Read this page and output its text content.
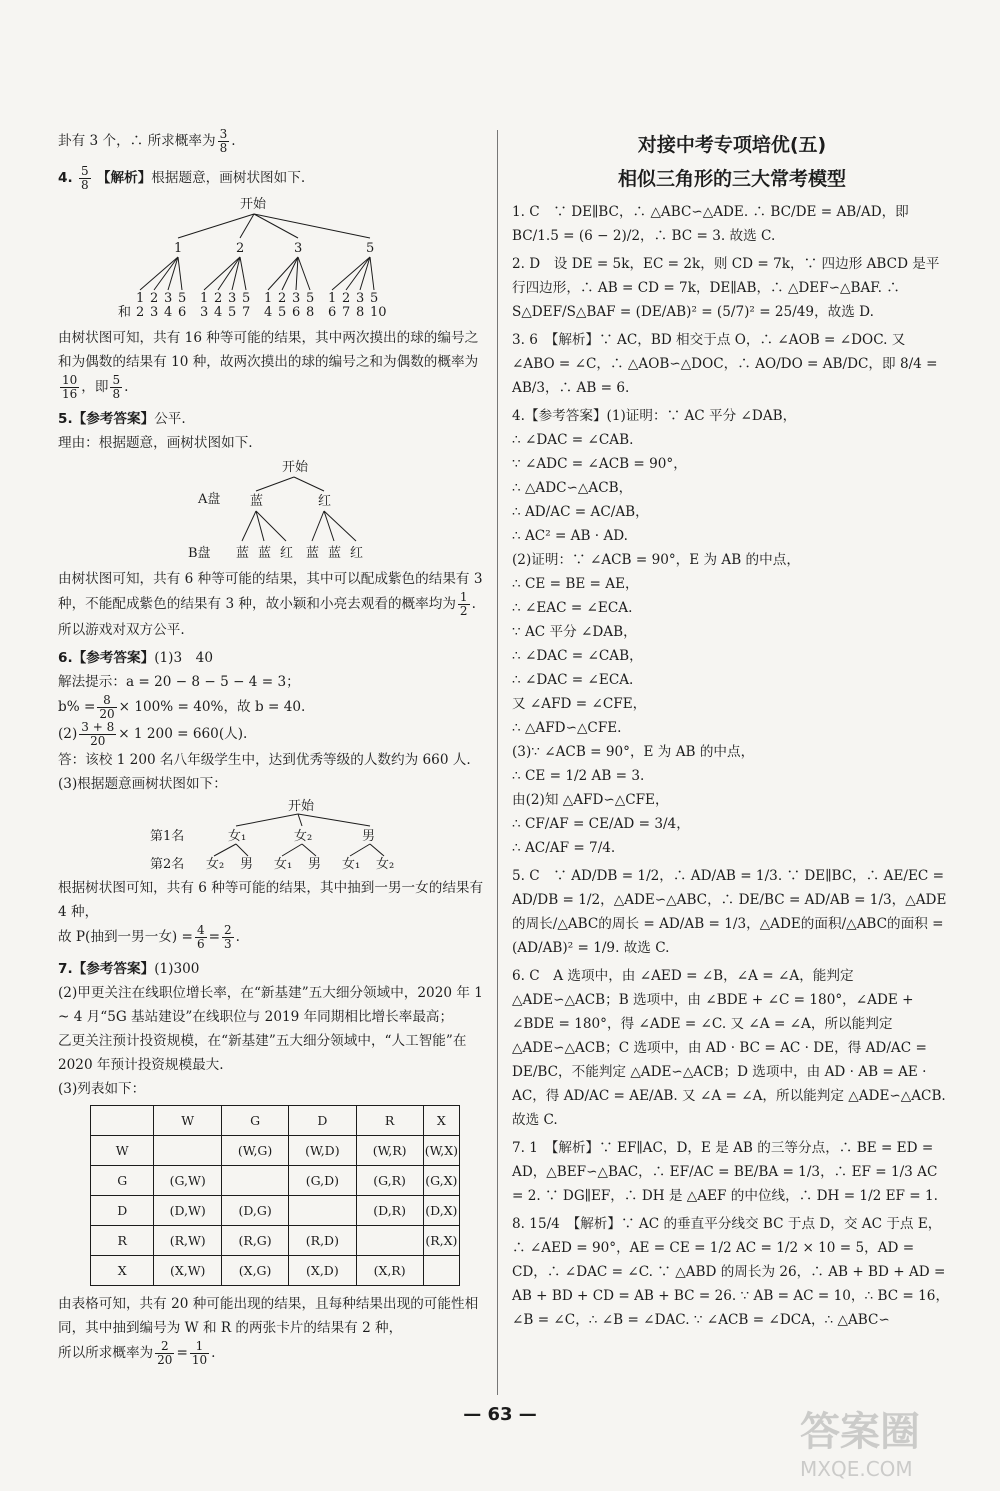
卦有 3 个，∴ 所求概率为 $\frac{3}{8}$ .

4. $\frac{5}{8}$ 【解析】根据题意，画树状图如下.

开始
1	2	3	5
和
1
2
2
3
3
4
5
6
1
3
2
4
3
5
5
7
1
4
2
5
3
6
5
8
1
6
2
7
3
8
5
10

由树状图可知，共有 16 种等可能的结果，其中两次摸出的球的编号之和为偶数的结果有 10 种，故两次摸出的球的编号之和为偶数的概率为
$\frac{10}{16}$ ，即 $\frac{5}{8}$ .

5.【参考答案】公平.

理由：根据题意，画树状图如下.

开始
A盘
B盘
蓝	红
蓝 蓝 红 蓝 蓝 红

由树状图可知，共有 6 种等可能的结果，其中可以配成紫色的结果有 3 种，不能配成紫色的结果有 3 种，故小颖和小亮去观看的概率均为 $\frac{1}{2}$ .

所以游戏对双方公平.

6.【参考答案】(1)3　40

解法提示：a = 20 − 8 − 5 − 4 = 3；

$b\% = \frac{8}{20} \times 100\% = 40\%$，故 b = 40.

$(2) \frac{3 + 8}{20} \times 1$ 200 = 660(人).

答：该校 1 200 名八年级学生中，达到优秀等级的人数约为 660 人.

(3)根据题意画树状图如下：

开始
第1名
第2名
女₁	女₂	男
女₂ 男 女₁ 男 女₁ 女₂

根据树状图可知，共有 6 种等可能的结果，其中抽到一男一女的结果有 4 种，

故 P(抽到一男一女) = $\frac{4}{6} = \frac{2}{3}$ .

7.【参考答案】(1)300

(2)甲更关注在线职位增长率，在“新基建”五大细分领域中，2020 年 1 ~ 4 月“5G 基站建设”在线职位与 2019 年同期相比增长率最高；

乙更关注预计投资规模，在“新基建”五大细分领域中，“人工智能”在 2020 年预计投资规模最大.

(3)列表如下：

	W	G	D	R	X
W		(W,G)	(W,D)	(W,R)	(W,X)
G	(G,W)		(G,D)	(G,R)	(G,X)
D	(D,W)	(D,G)		(D,R)	(D,X)
R	(R,W)	(R,G)	(R,D)		(R,X)
X	(X,W)	(X,G)	(X,D)	(X,R)	

由表格可知，共有 20 种可能出现的结果，且每种结果出现的可能性相同，其中抽到编号为 W 和 R 的两张卡片的结果有 2 种，

所以所求概率为 $\frac{2}{20} = \frac{1}{10}$ .

对接中考专项培优(五)
相似三角形的三大常考模型

1. C　∵ DE∥BC，∴ △ABC∽△ADE. ∴ BC/DE = AB/AD，即 BC/1.5 = (6 − 2)/2，∴ BC = 3. 故选 C.

2. D　设 DE = 5k，EC = 2k，则 CD = 7k，∵ 四边形 ABCD 是平行四边形，∴ AB = CD = 7k，DE∥AB，∴ △DEF∽△BAF. ∴ S△DEF/S△BAF = (DE/AB)² = (5/7)² = 25/49，故选 D.

3. 6　【解析】∵ AC，BD 相交于点 O，∴ ∠AOB = ∠DOC. 又 ∠ABO = ∠C，∴ △AOB∽△DOC，∴ AO/DO = AB/DC，即 8/4 = AB/3，∴ AB = 6.

4.【参考答案】(1)证明：∵ AC 平分 ∠DAB，

∴ ∠DAC = ∠CAB.

∵ ∠ADC = ∠ACB = 90°，

∴ △ADC∽△ACB，

∴ AD/AC = AC/AB，

∴ AC² = AB · AD.

(2)证明：∵ ∠ACB = 90°，E 为 AB 的中点，

∴ CE = BE = AE，

∴ ∠EAC = ∠ECA.

∵ AC 平分 ∠DAB，

∴ ∠DAC = ∠CAB，

∴ ∠DAC = ∠ECA.

又 ∠AFD = ∠CFE，

∴ △AFD∽△CFE.

(3)∵ ∠ACB = 90°，E 为 AB 的中点，

∴ CE = 1/2 AB = 3.

由(2)知 △AFD∽△CFE，

∴ CF/AF = CE/AD = 3/4，

∴ AC/AF = 7/4.

5. C　∵ AD/DB = 1/2，∴ AD/AB = 1/3. ∵ DE∥BC，∴ AE/EC = AD/DB = 1/2，△ADE∽△ABC，∴ DE/BC = AD/AB = 1/3，△ADE的周长/△ABC的周长 = AD/AB = 1/3，△ADE的面积/△ABC的面积 = (AD/AB)² = 1/9. 故选 C.

6. C　A 选项中，由 ∠AED = ∠B，∠A = ∠A，能判定 △ADE∽△ACB；B 选项中，由 ∠BDE + ∠C = 180°，∠ADE + ∠BDE = 180°，得 ∠ADE = ∠C. 又 ∠A = ∠A，所以能判定 △ADE∽△ACB；C 选项中，由 AD · BC = AC · DE，得 AD/AC = DE/BC，不能判定 △ADE∽△ACB；D 选项中，由 AD · AB = AE · AC，得 AD/AC = AE/AB. 又 ∠A = ∠A，所以能判定 △ADE∽△ACB. 故选 C.

7. 1　【解析】∵ EF∥AC，D，E 是 AB 的三等分点，∴ BE = ED = AD，△BEF∽△BAC，∴ EF/AC = BE/BA = 1/3，∴ EF = 1/3 AC = 2. ∵ DG∥EF，∴ DH 是 △AEF 的中位线，∴ DH = 1/2 EF = 1.

8. 15/4　【解析】∵ AC 的垂直平分线交 BC 于点 D，交 AC 于点 E，∴ ∠AED = 90°，AE = CE = 1/2 AC = 1/2 × 10 = 5，AD = CD，∴ ∠DAC = ∠C. ∵ △ABD 的周长为 26，∴ AB + BD + AD = AB + BD + CD = AB + BC = 26. ∵ AB = AC = 10，∴ BC = 16，∠B = ∠C，∴ ∠B = ∠DAC. ∵ ∠ACB = ∠DCA，∴ △ABC∽

— 63 —	答案圈
MXQE.COM
